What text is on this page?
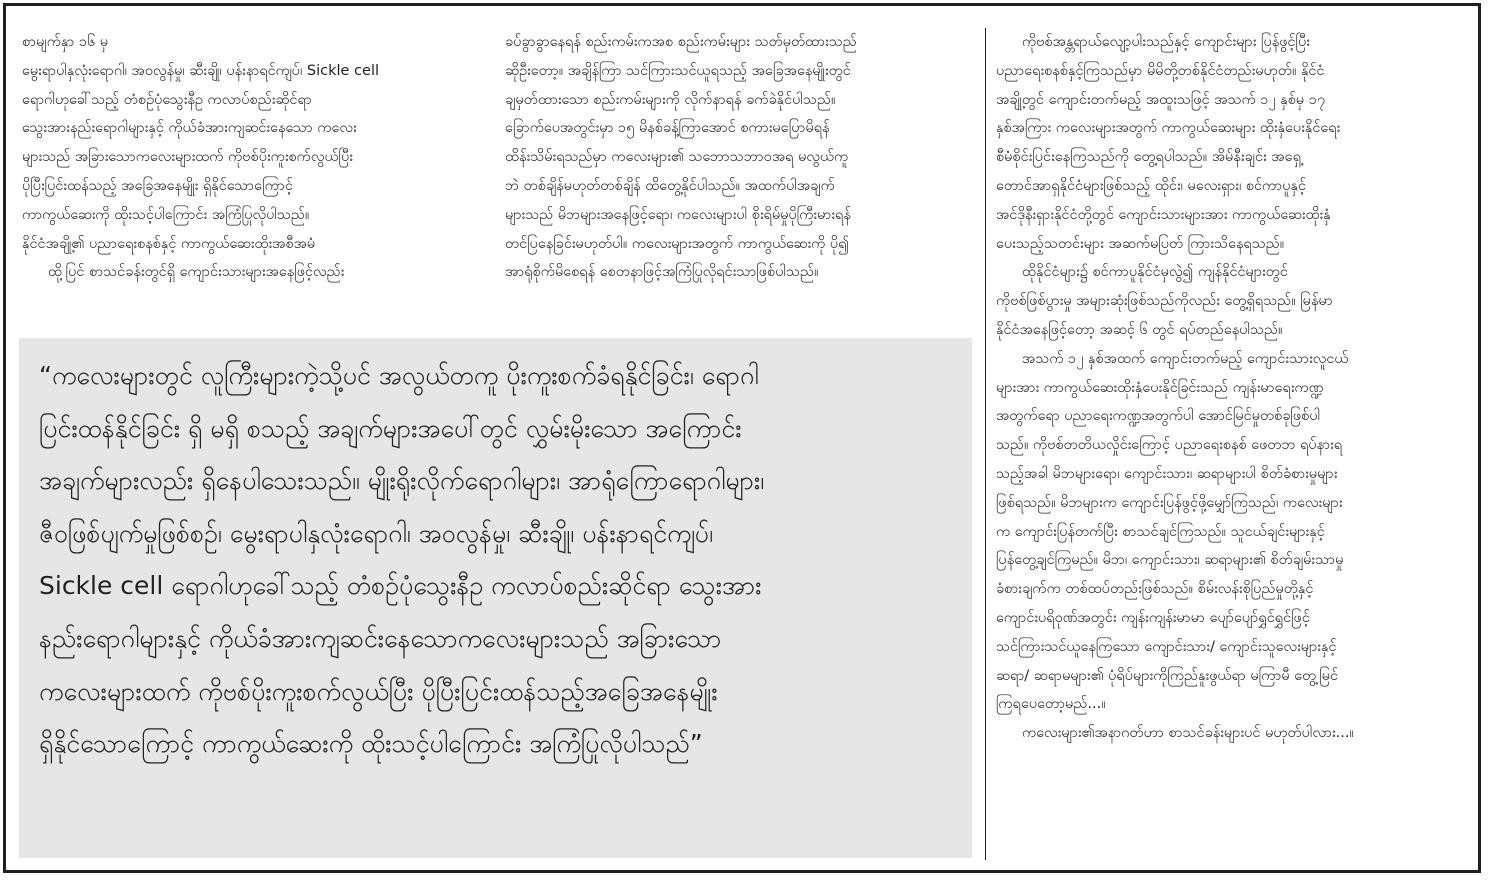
စာမျက်နှာ ၁၆ မှ

မွေးရာပါနှလုံးရောဂါ၊ အဝလွန်မှု၊ ဆီးချို၊ ပန်းနာရင်ကျပ်၊ Sickle cell

ရောဂါဟုခေါ်သည့် တံစဉ်ပုံသွေးနီဥ ကလာပ်စည်းဆိုင်ရာ

သွေးအားနည်းရောဂါများနှင့် ကိုယ်ခံအားကျဆင်းနေသော ကလေး

များသည် အခြားသောကလေးများထက် ကိုဗစ်ပိုးကူးစက်လွယ်ပြီး

ပိုပြီးပြင်းထန်သည့် အခြေအနေမျိုး ရှိနိုင်သောကြောင့်

ကာကွယ်ဆေးကို ထိုးသင့်ပါကြောင်း အကြံပြုလိုပါသည်။

နိုင်ငံအချို့၏ ပညာရေးစနစ်နှင့် ကာကွယ်ဆေးထိုးအစီအမံ

ထို့ပြင် စာသင်ခန်းတွင်ရှိ ကျောင်းသားများအနေဖြင့်လည်း

ခပ်ခွာခွာနေရန် စည်းကမ်းကအစ စည်းကမ်းများ သတ်မှတ်ထားသည်

ဆိုဦးတော့။ အချိန်ကြာ သင်ကြားသင်ယူရသည့် အခြေအနေမျိုးတွင်

ချမှတ်ထားသော စည်းကမ်းများကို လိုက်နာရန် ခက်ခဲနိုင်ပါသည်။

ခြောက်ပေအတွင်းမှာ ၁၅ မိနစ်ခန့်ကြာအောင် စကားမပြောမိရန်

ထိန်းသိမ်းရသည်မှာ ကလေးများ၏ သဘောသဘာဝအရ မလွယ်ကူ

ဘဲ တစ်ချိန်မဟုတ်တစ်ချိန် ထိတွေ့နိုင်ပါသည်။ အထက်ပါအချက်

များသည် မိဘများအနေဖြင့်ရော၊ ကလေးများပါ စိုးရိမ်မှုပိုကြီးမားရန်

တင်ပြနေခြင်းမဟုတ်ပါ။ ကလေးများအတွက် ကာကွယ်ဆေးကို ပို၍

အာရုံစိုက်မိစေရန် စေတနာဖြင့်အကြံပြုလိုရင်းသာဖြစ်ပါသည်။

“ကလေးများတွင် လူကြီးများကဲ့သို့ပင် အလွယ်တကူ ပိုးကူးစက်ခံရနိုင်ခြင်း၊ ရောဂါ

ပြင်းထန်နိုင်ခြင်း ရှိ မရှိ စသည့် အချက်များအပေါ်တွင် လွှမ်းမိုးသော အကြောင်း

အချက်များလည်း ရှိနေပါသေးသည်။ မျိုးရိုးလိုက်ရောဂါများ၊ အာရုံကြောရောဂါများ၊

ဇီဝဖြစ်ပျက်မှုဖြစ်စဉ်၊ မွေးရာပါနှလုံးရောဂါ၊ အဝလွန်မှု၊ ဆီးချို၊ ပန်းနာရင်ကျပ်၊

Sickle cell ရောဂါဟုခေါ်သည့် တံစဉ်ပုံသွေးနီဥ ကလာပ်စည်းဆိုင်ရာ သွေးအား

နည်းရောဂါများနှင့် ကိုယ်ခံအားကျဆင်းနေသောကလေးများသည် အခြားသော

ကလေးများထက် ကိုဗစ်ပိုးကူးစက်လွယ်ပြီး ပိုပြီးပြင်းထန်သည့်အခြေအနေမျိုး

ရှိနိုင်သောကြောင့် ကာကွယ်ဆေးကို ထိုးသင့်ပါကြောင်း အကြံပြုလိုပါသည်”

ကိုဗစ်အန္တရာယ်လျော့ပါးသည်နှင့် ကျောင်းများ ပြန်ဖွင့်ပြီး

ပညာရေးစနစ်နှင့်ကြသည်မှာ မိမိတို့တစ်နိုင်ငံတည်းမဟုတ်။ နိုင်ငံ

အချို့တွင် ကျောင်းတက်မည့် အထူးသဖြင့် အသက် ၁၂ နှစ်မှ ၁၇

နှစ်အကြား ကလေးများအတွက် ကာကွယ်ဆေးများ ထိုးနှံပေးနိုင်ရေး

စီမံစိုင်းပြင်းနေကြသည်ကို တွေ့ရပါသည်။ အိမ်နီးချင်း အရှေ့

တောင်အာရှနိုင်ငံများဖြစ်သည့် ထိုင်း၊ မလေးရှား၊ စင်ကာပူနှင့်

အင်ဒိုနီးရှားနိုင်ငံတို့တွင် ကျောင်းသားများအား ကာကွယ်ဆေးထိုးနှံ

ပေးသည့်သတင်းများ အဆက်မပြတ် ကြားသိနေရသည်။

ထိုနိုင်ငံများ၌ စင်ကာပူနိုင်ငံမှလွဲ၍ ကျန်နိုင်ငံများတွင်

ကိုဗစ်ဖြစ်ပွားမှု အများဆုံးဖြစ်သည်ကိုလည်း တွေ့ရှိရသည်။ မြန်မာ

နိုင်ငံအနေဖြင့်တော့ အဆင့် ၆ တွင် ရပ်တည်နေပါသည်။

အသက် ၁၂ နှစ်အထက် ကျောင်းတက်မည့် ကျောင်းသားလူငယ်

များအား ကာကွယ်ဆေးထိုးနှံပေးနိုင်ခြင်းသည် ကျန်းမာရေးကဏ္ဍ

အတွက်ရော ပညာရေးကဏ္ဍအတွက်ပါ အောင်မြင်မှုတစ်ခုဖြစ်ပါ

သည်။ ကိုဗစ်တတိယလှိုင်းကြောင့် ပညာရေးစနစ် ဖေတဘ ရပ်နားရ

သည့်အခါ မိဘများရော၊ ကျောင်းသား၊ ဆရာများပါ စိတ်ခံစားမှုများ

ဖြစ်ရသည်။ မိဘများက ကျောင်းပြန်ဖွင့်ဖို့မျှော်ကြသည်၊ ကလေးများ

က ကျောင်းပြန်တက်ပြီး စာသင်ချင်ကြသည်။ သူငယ်ချင်းများနှင့်

ပြန်တွေ့ချင်ကြမည်။ မိဘ၊ ကျောင်းသား၊ ဆရာများ၏ စိတ်ချမ်းသာမှု

ခံစားချက်က တစ်ထပ်တည်းဖြစ်သည်။ စိမ်းလန်းစိုပြည်မှုတို့နှင့်

ကျောင်းပရိဝုဏ်အတွင်း ကျန်းကျန်းမာမာ ပျော်ပျော်ရွှင်ရွှင်ဖြင့်

သင်ကြားသင်ယူနေကြသော ကျောင်းသား/ ကျောင်းသူလေးများနှင့်

ဆရာ/ ဆရာမများ၏ ပုံရိပ်များကိုကြည်နူးဖွယ်ရာ မကြာမီ တွေ့မြင်

ကြရပေတော့မည်...။

ကလေးများ၏အနာဂတ်ဟာ စာသင်ခန်းများပင် မဟုတ်ပါလား...။
